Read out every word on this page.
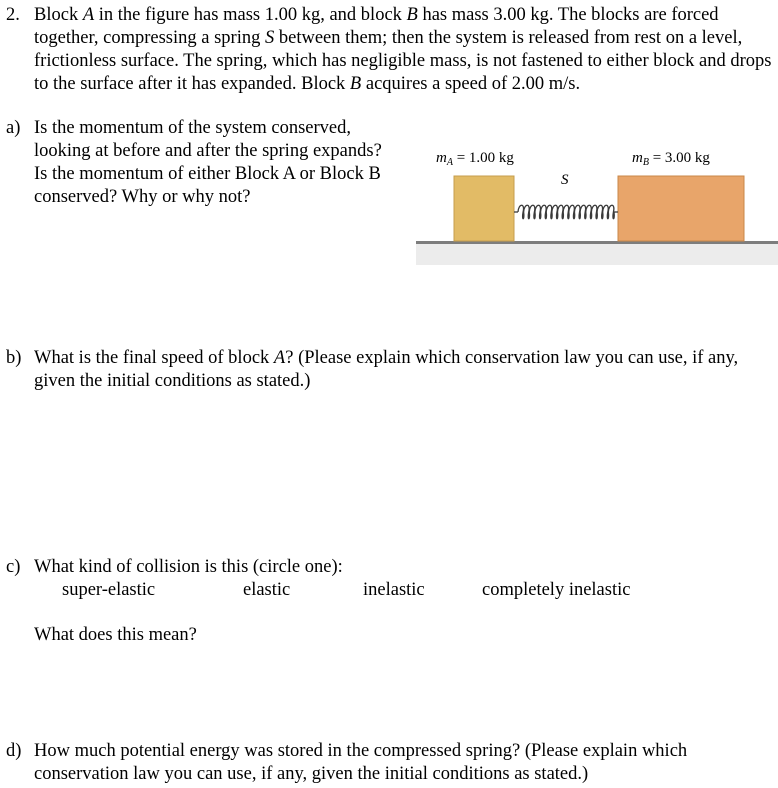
2. Block A in the figure has mass 1.00 kg, and block B has mass 3.00 kg. The blocks are forced together, compressing a spring S between them; then the system is released from rest on a level, frictionless surface. The spring, which has negligible mass, is not fastened to either block and drops to the surface after it has expanded. Block B acquires a speed of 2.00 m/s.
a) Is the momentum of the system conserved, looking at before and after the spring expands? Is the momentum of either Block A or Block B conserved? Why or why not?
$m_A = 1.00$ kg	$m_B = 3.00$ kg
S
b) What is the final speed of block A? (Please explain which conservation law you can use, if any, given the initial conditions as stated.)
c) What kind of collision is this (circle one):
super-elastic	elastic	inelastic	completely inelastic
What does this mean?
d) How much potential energy was stored in the compressed spring? (Please explain which conservation law you can use, if any, given the initial conditions as stated.)
